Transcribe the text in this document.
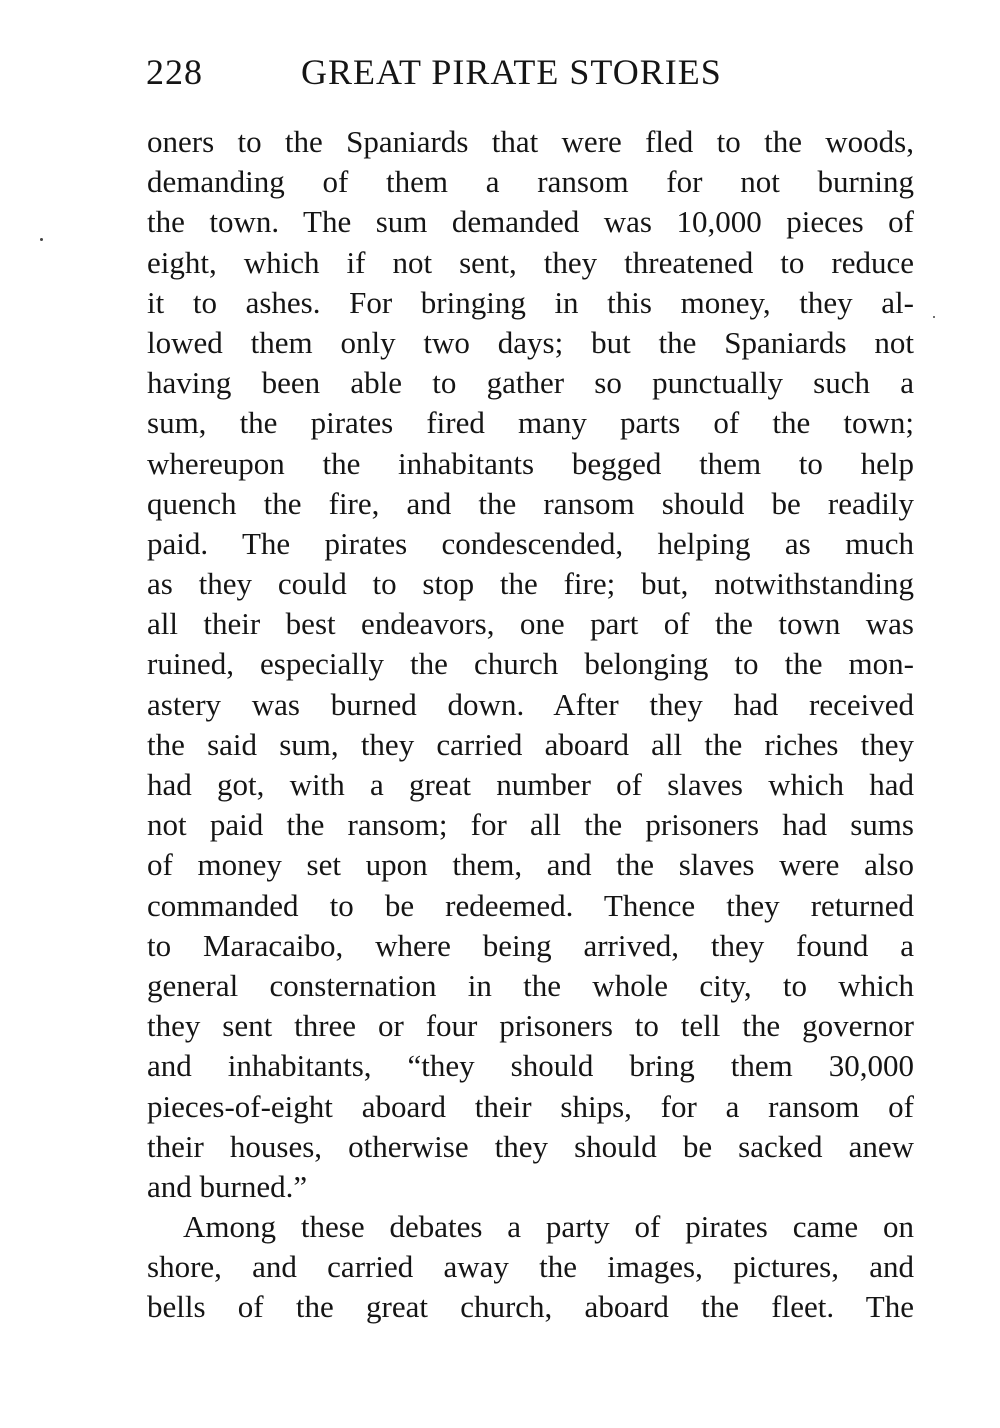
228	GREAT PIRATE STORIES
oners to the Spaniards that were fled to the woods,
demanding of them a ransom for not burning
the town. The sum demanded was 10,000 pieces of
eight, which if not sent, they threatened to reduce
it to ashes. For bringing in this money, they al-
lowed them only two days; but the Spaniards not
having been able to gather so punctually such a
sum, the pirates fired many parts of the town;
whereupon the inhabitants begged them to help
quench the fire, and the ransom should be readily
paid. The pirates condescended, helping as much
as they could to stop the fire; but, notwithstanding
all their best endeavors, one part of the town was
ruined, especially the church belonging to the mon-
astery was burned down. After they had received
the said sum, they carried aboard all the riches they
had got, with a great number of slaves which had
not paid the ransom; for all the prisoners had sums
of money set upon them, and the slaves were also
commanded to be redeemed. Thence they returned
to Maracaibo, where being arrived, they found a
general consternation in the whole city, to which
they sent three or four prisoners to tell the governor
and inhabitants, “they should bring them 30,000
pieces-of-eight aboard their ships, for a ransom of
their houses, otherwise they should be sacked anew
and burned.”
Among these debates a party of pirates came on
shore, and carried away the images, pictures, and
bells of the great church, aboard the fleet. The
